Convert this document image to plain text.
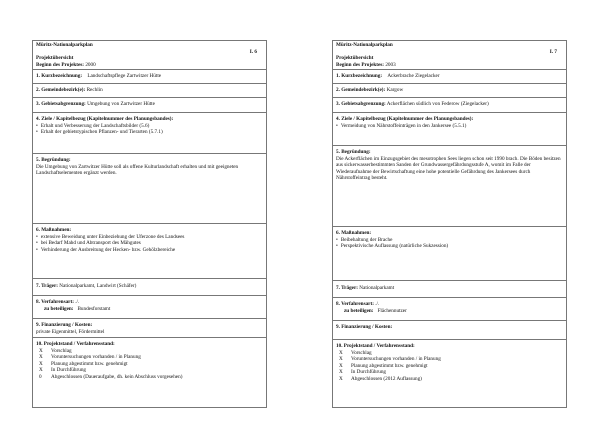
Müritz-Nationalparkplan
I. 6
Projektübersicht
Beginn des Projektes: 2000
1. Kurzbezeichnung: Landschaftspflege Zartwitzer Hütte
2. Gemeindebezirk(e): Rechlin
3. Gebietsabgrenzung: Umgebung von Zartwitzer Hütte
4. Ziele / Kapitelbezug (Kapitelnummer des Planungsbandes):
• Erhalt und Verbesserung der Landschaftsbilder (5.6)
• Erhalt der gebietstypischen Pflanzen- und Tierarten (5.7.1)
5. Begründung:
Die Umgebung von Zartwitzer Hütte soll als offene Kulturlandschaft erhalten und mit geeigneten Landschaftselementen ergänzt werden.
6. Maßnahmen:
• extensive Beweidung unter Einbeziehung der Uferzone des Landsees
• bei Bedarf Mahd und Abtransport des Mähgutes
• Verhinderung der Ausbreitung der Hecken- bzw. Gehölzbereiche
7. Träger: Nationalparkamt, Landwirt (Schäfer)
8. Verfahrensart: ./.
zu beteiligen: Bundesforstamt
9. Finanzierung / Kosten:
private Eigenmittel, Fördermittel
10. Projektstand / Verfahrensstand:
X	Vorschlag
X	Voruntersuchungen vorhanden / in Planung
X	Planung abgestimmt bzw. genehmigt
X	In Durchführung
0	Abgeschlossen (Daueraufgabe, dh. kein Abschluss vorgesehen)
Müritz-Nationalparkplan
I. 7
Projektübersicht
Beginn des Projektes: 2003
1. Kurzbezeichnung: Ackerbrache Ziegelacker
2. Gemeindebezirk(e): Kargow
3. Gebietsabgrenzung: Ackerflächen südlich von Federow (Ziegelacker)
4. Ziele / Kapitelbezug (Kapitelnummer des Planungsbandes):
• Vermeidung von Nährstoffeinträgen in den Jankersee (5.5.1)
5. Begründung:
Die Ackerflächen im Einzugsgebiet des mesotrophen Sees liegen schon seit 1990 brach. Die Böden besitzen aus sickerwasserbestimmten Sanden der Grundwassergefährdungsstufe A, womit im Falle der Wiederaufnahme der Bewirtschaftung eine hohe potentielle Gefährdung des Jankersees durch Nährstoffeintrag besteht.
6. Maßnahmen:
• Beibehaltung der Brache
• Perspektivische Auflassung (natürliche Sukzession)
7. Träger: Nationalparkamt
8. Verfahrensart: ./.
zu beteiligen: Flächennutzer
9. Finanzierung / Kosten:
10. Projektstand / Verfahrensstand:
X	Vorschlag
X	Voruntersuchungen vorhanden / in Planung
X	Planung abgestimmt bzw. genehmigt
X	In Durchführung
X	Abgeschlossen (2012 Auflassung)
